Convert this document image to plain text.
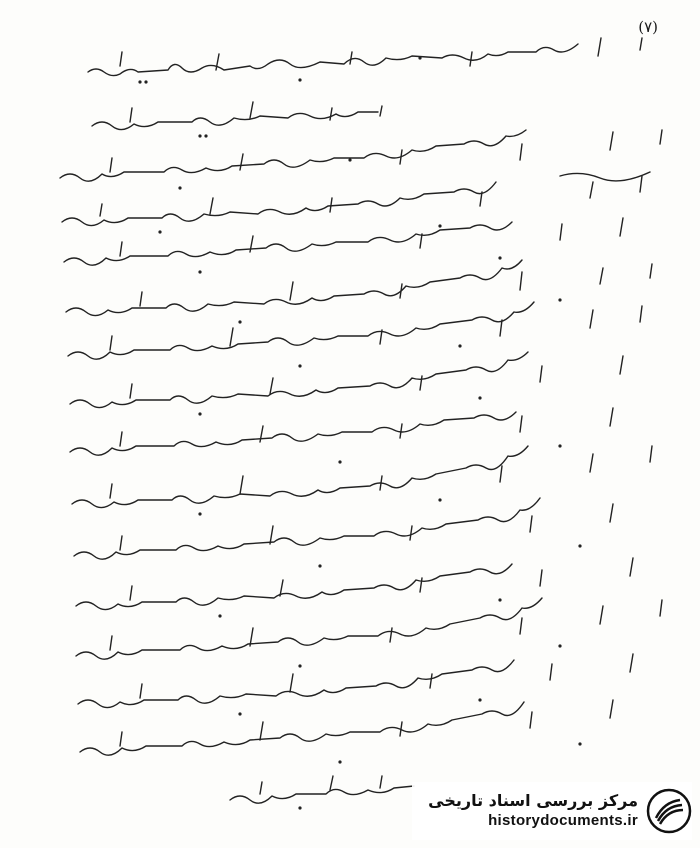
(۷)
مرکز بررسی اسناد تاریخی
historydocuments.ir
